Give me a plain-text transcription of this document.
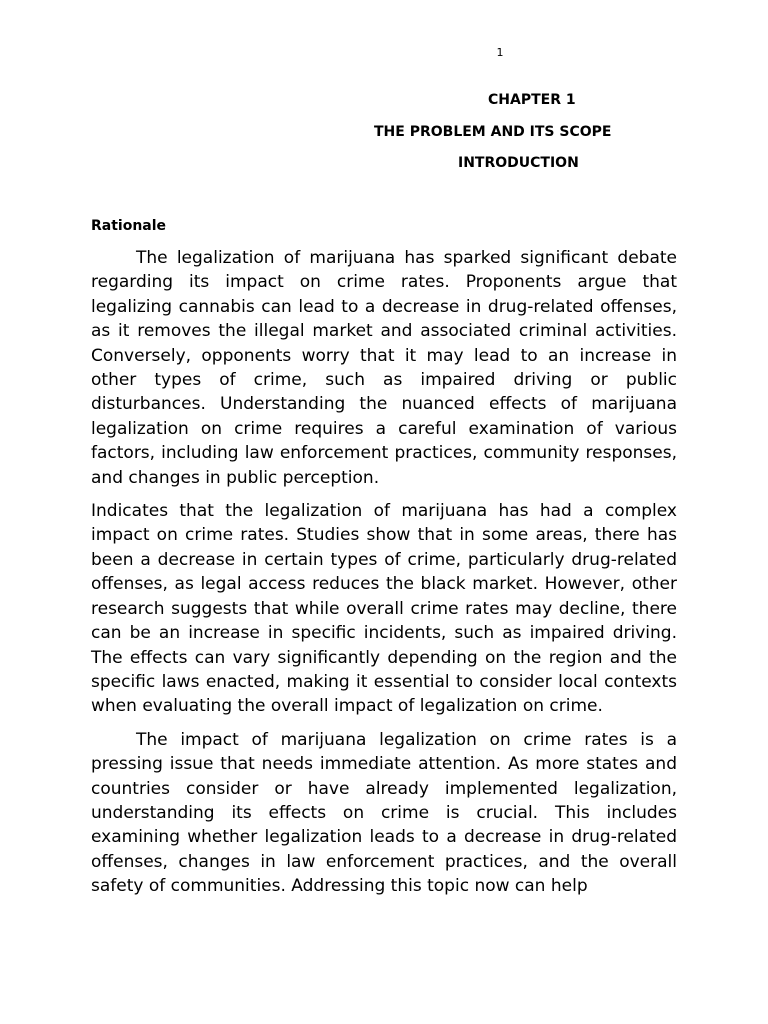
1
CHAPTER 1
THE PROBLEM AND ITS SCOPE
INTRODUCTION
Rationale

The legalization of marijuana has sparked significant debate regarding its impact on crime rates. Proponents argue that legalizing cannabis can lead to a decrease in drug-related offenses, as it removes the illegal market and associated criminal activities. Conversely, opponents worry that it may lead to an increase in other types of crime, such as impaired driving or public disturbances. Understanding the nuanced effects of marijuana legalization on crime requires a careful examination of various factors, including law enforcement practices, community responses, and changes in public perception.

Indicates that the legalization of marijuana has had a complex impact on crime rates. Studies show that in some areas, there has been a decrease in certain types of crime, particularly drug-related offenses, as legal access reduces the black market. However, other research suggests that while overall crime rates may decline, there can be an increase in specific incidents, such as impaired driving. The effects can vary significantly depending on the region and the specific laws enacted, making it essential to consider local contexts when evaluating the overall impact of legalization on crime.

The impact of marijuana legalization on crime rates is a pressing issue that needs immediate attention. As more states and countries consider or have already implemented legalization, understanding its effects on crime is crucial. This includes examining whether legalization leads to a decrease in drug-related offenses, changes in law enforcement practices, and the overall safety of communities. Addressing this topic now can help
